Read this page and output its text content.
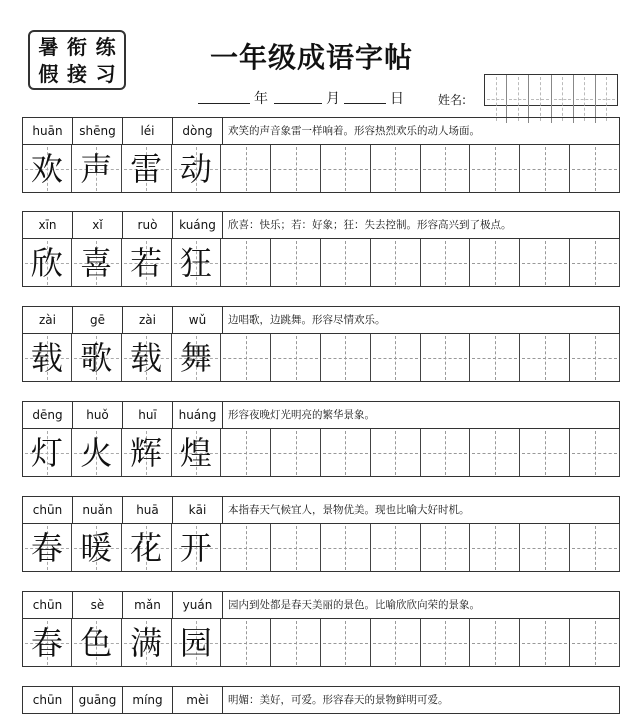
暑 衔 练
假 接 习	一年级成语字帖
年	月	日	姓名:
huān	shēng	léi	dòng	欢笑的声音象雷一样响着。形容热烈欢乐的动人场面。
欢 声 雷 动
xīn	xǐ	ruò	kuáng	欣喜：快乐；若：好象；狂：失去控制。形容高兴到了极点。
欣 喜 若 狂
zài	gē	zài	wǔ	边唱歌，边跳舞。形容尽情欢乐。
载 歌 载 舞
dēng	huǒ	huī	huáng	形容夜晚灯光明亮的繁华景象。
灯 火 辉 煌
chūn	nuǎn	huā	kāi	本指春天气候宜人，景物优美。现也比喻大好时机。
春 暖 花 开
chūn	sè	mǎn	yuán	园内到处都是春天美丽的景色。比喻欣欣向荣的景象。
春 色 满 园
chūn	guāng	míng	mèi	明媚：美好，可爱。形容春天的景物鲜明可爱。
